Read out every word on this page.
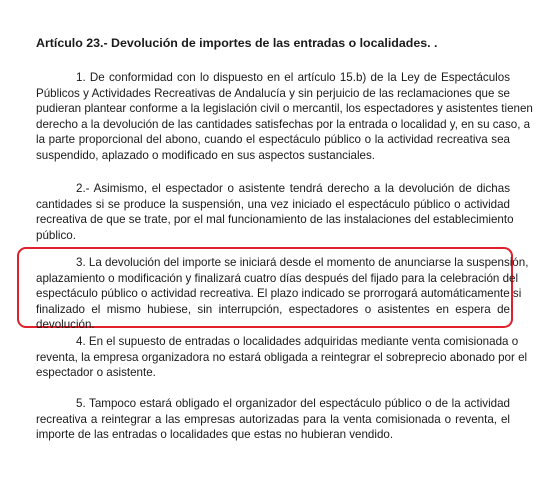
Artículo 23.- Devolución de importes de las entradas o localidades. .
1. De conformidad con lo dispuesto en el artículo 15.b) de la Ley de Espectáculos
Públicos y Actividades Recreativas de Andalucía y sin perjuicio de las reclamaciones que se
pudieran plantear conforme a la legislación civil o mercantil, los espectadores y asistentes tienen
derecho a la devolución de las cantidades satisfechas por la entrada o localidad y, en su caso, a
la parte proporcional del abono, cuando el espectáculo público o la actividad recreativa sea
suspendido, aplazado o modificado en sus aspectos sustanciales.
2.- Asimismo, el espectador o asistente tendrá derecho a la devolución de dichas
cantidades si se produce la suspensión, una vez iniciado el espectáculo público o actividad
recreativa de que se trate, por el mal funcionamiento de las instalaciones del establecimiento
público.
3. La devolución del importe se iniciará desde el momento de anunciarse la suspensión,
aplazamiento o modificación y finalizará cuatro días después del fijado para la celebración del
espectáculo público o actividad recreativa. El plazo indicado se prorrogará automáticamente si
finalizado el mismo hubiese, sin interrupción, espectadores o asistentes en espera de
devolución.
4. En el supuesto de entradas o localidades adquiridas mediante venta comisionada o
reventa, la empresa organizadora no estará obligada a reintegrar el sobreprecio abonado por el
espectador o asistente.
5. Tampoco estará obligado el organizador del espectáculo público o de la actividad
recreativa a reintegrar a las empresas autorizadas para la venta comisionada o reventa, el
importe de las entradas o localidades que estas no hubieran vendido.
